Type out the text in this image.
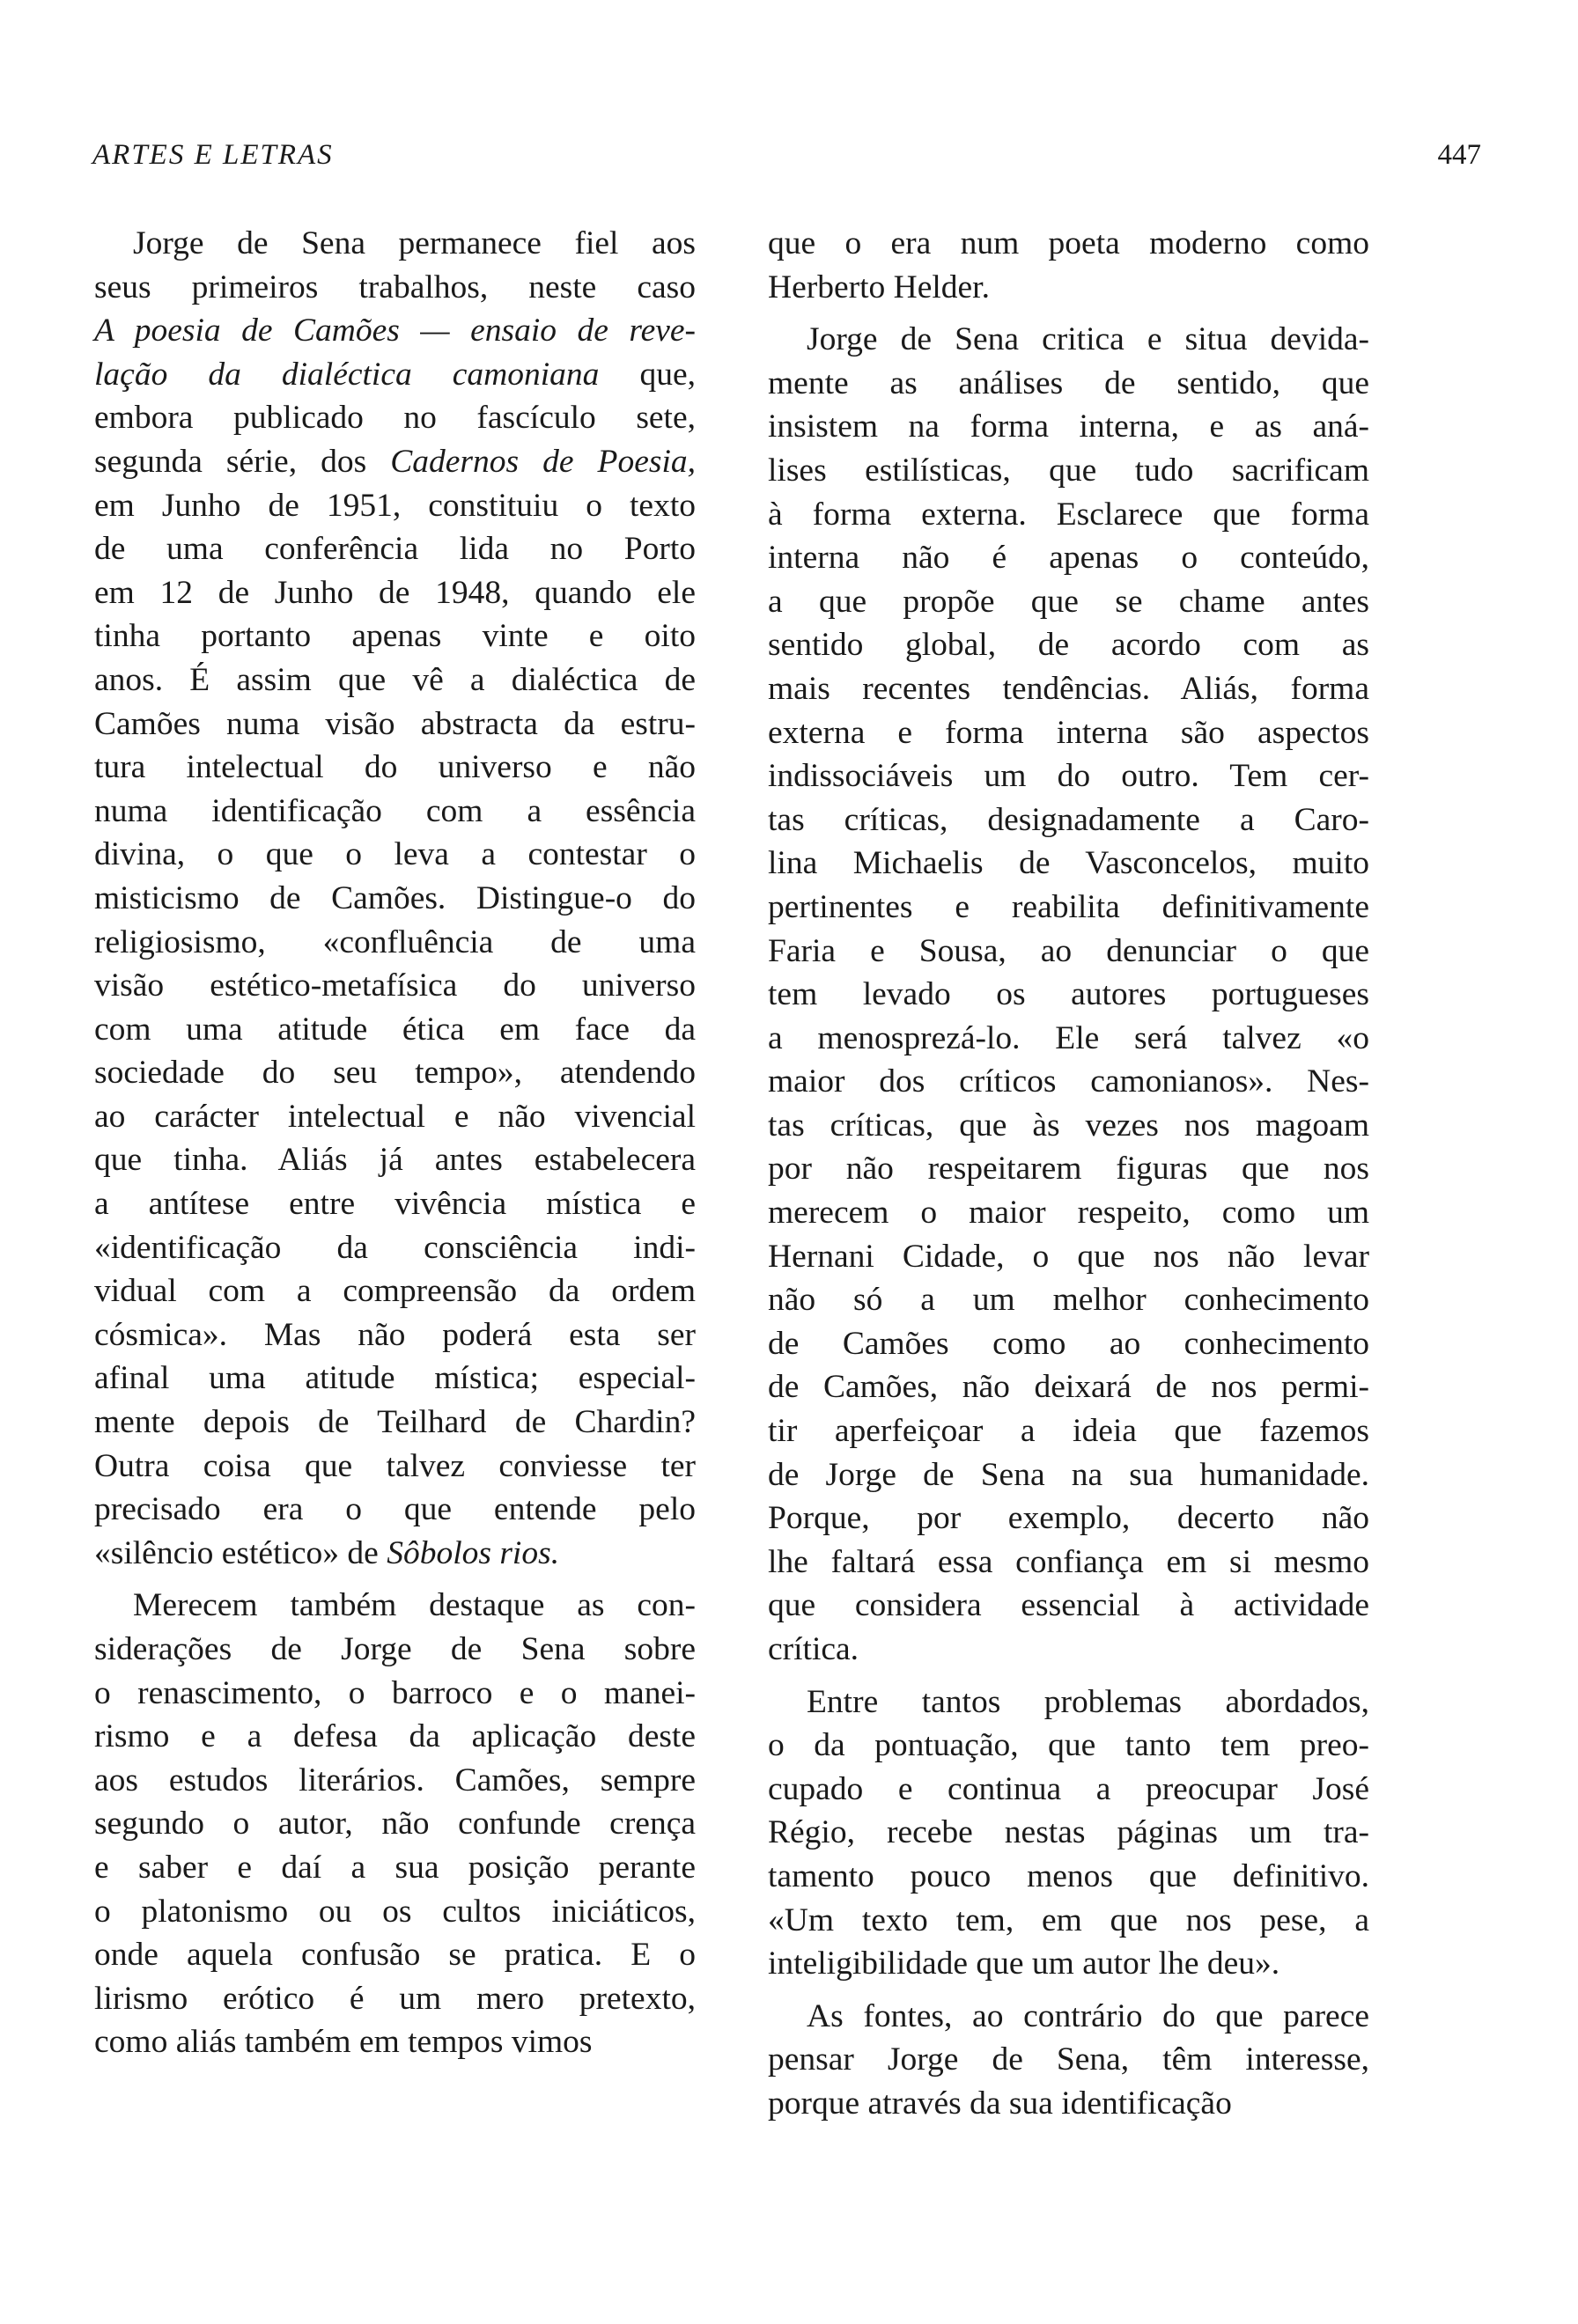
ARTES E LETRAS	447
Jorge de Sena permanece fiel aos
seus primeiros trabalhos, neste caso
A poesia de Camões — ensaio de reve-
lação da dialéctica camoniana que,
embora publicado no fascículo sete,
segunda série, dos Cadernos de Poesia,
em Junho de 1951, constituiu o texto
de uma conferência lida no Porto
em 12 de Junho de 1948, quando ele
tinha portanto apenas vinte e oito
anos. É assim que vê a dialéctica de
Camões numa visão abstracta da estru-
tura intelectual do universo e não
numa identificação com a essência
divina, o que o leva a contestar o
misticismo de Camões. Distingue-o do
religiosismo, «confluência de uma
visão estético-metafísica do universo
com uma atitude ética em face da
sociedade do seu tempo», atendendo
ao carácter intelectual e não vivencial
que tinha. Aliás já antes estabelecera
a antítese entre vivência mística e
«identificação da consciência indi-
vidual com a compreensão da ordem
cósmica». Mas não poderá esta ser
afinal uma atitude mística; especial-
mente depois de Teilhard de Chardin?
Outra coisa que talvez conviesse ter
precisado era o que entende pelo
«silêncio estético» de Sôbolos rios.
Merecem também destaque as con-
siderações de Jorge de Sena sobre
o renascimento, o barroco e o manei-
rismo e a defesa da aplicação deste
aos estudos literários. Camões, sempre
segundo o autor, não confunde crença
e saber e daí a sua posição perante
o platonismo ou os cultos iniciáticos,
onde aquela confusão se pratica. E o
lirismo erótico é um mero pretexto,
como aliás também em tempos vimos
que o era num poeta moderno como
Herberto Helder.
Jorge de Sena critica e situa devida-
mente as análises de sentido, que
insistem na forma interna, e as aná-
lises estilísticas, que tudo sacrificam
à forma externa. Esclarece que forma
interna não é apenas o conteúdo,
a que propõe que se chame antes
sentido global, de acordo com as
mais recentes tendências. Aliás, forma
externa e forma interna são aspectos
indissociáveis um do outro. Tem cer-
tas críticas, designadamente a Caro-
lina Michaelis de Vasconcelos, muito
pertinentes e reabilita definitivamente
Faria e Sousa, ao denunciar o que
tem levado os autores portugueses
a menosprezá-lo. Ele será talvez «o
maior dos críticos camonianos». Nes-
tas críticas, que às vezes nos magoam
por não respeitarem figuras que nos
merecem o maior respeito, como um
Hernani Cidade, o que nos não levar
não só a um melhor conhecimento
de Camões como ao conhecimento
de Camões, não deixará de nos permi-
tir aperfeiçoar a ideia que fazemos
de Jorge de Sena na sua humanidade.
Porque, por exemplo, decerto não
lhe faltará essa confiança em si mesmo
que considera essencial à actividade
crítica.
Entre tantos problemas abordados,
o da pontuação, que tanto tem preo-
cupado e continua a preocupar José
Régio, recebe nestas páginas um tra-
tamento pouco menos que definitivo.
«Um texto tem, em que nos pese, a
inteligibilidade que um autor lhe deu».
As fontes, ao contrário do que parece
pensar Jorge de Sena, têm interesse,
porque através da sua identificação
